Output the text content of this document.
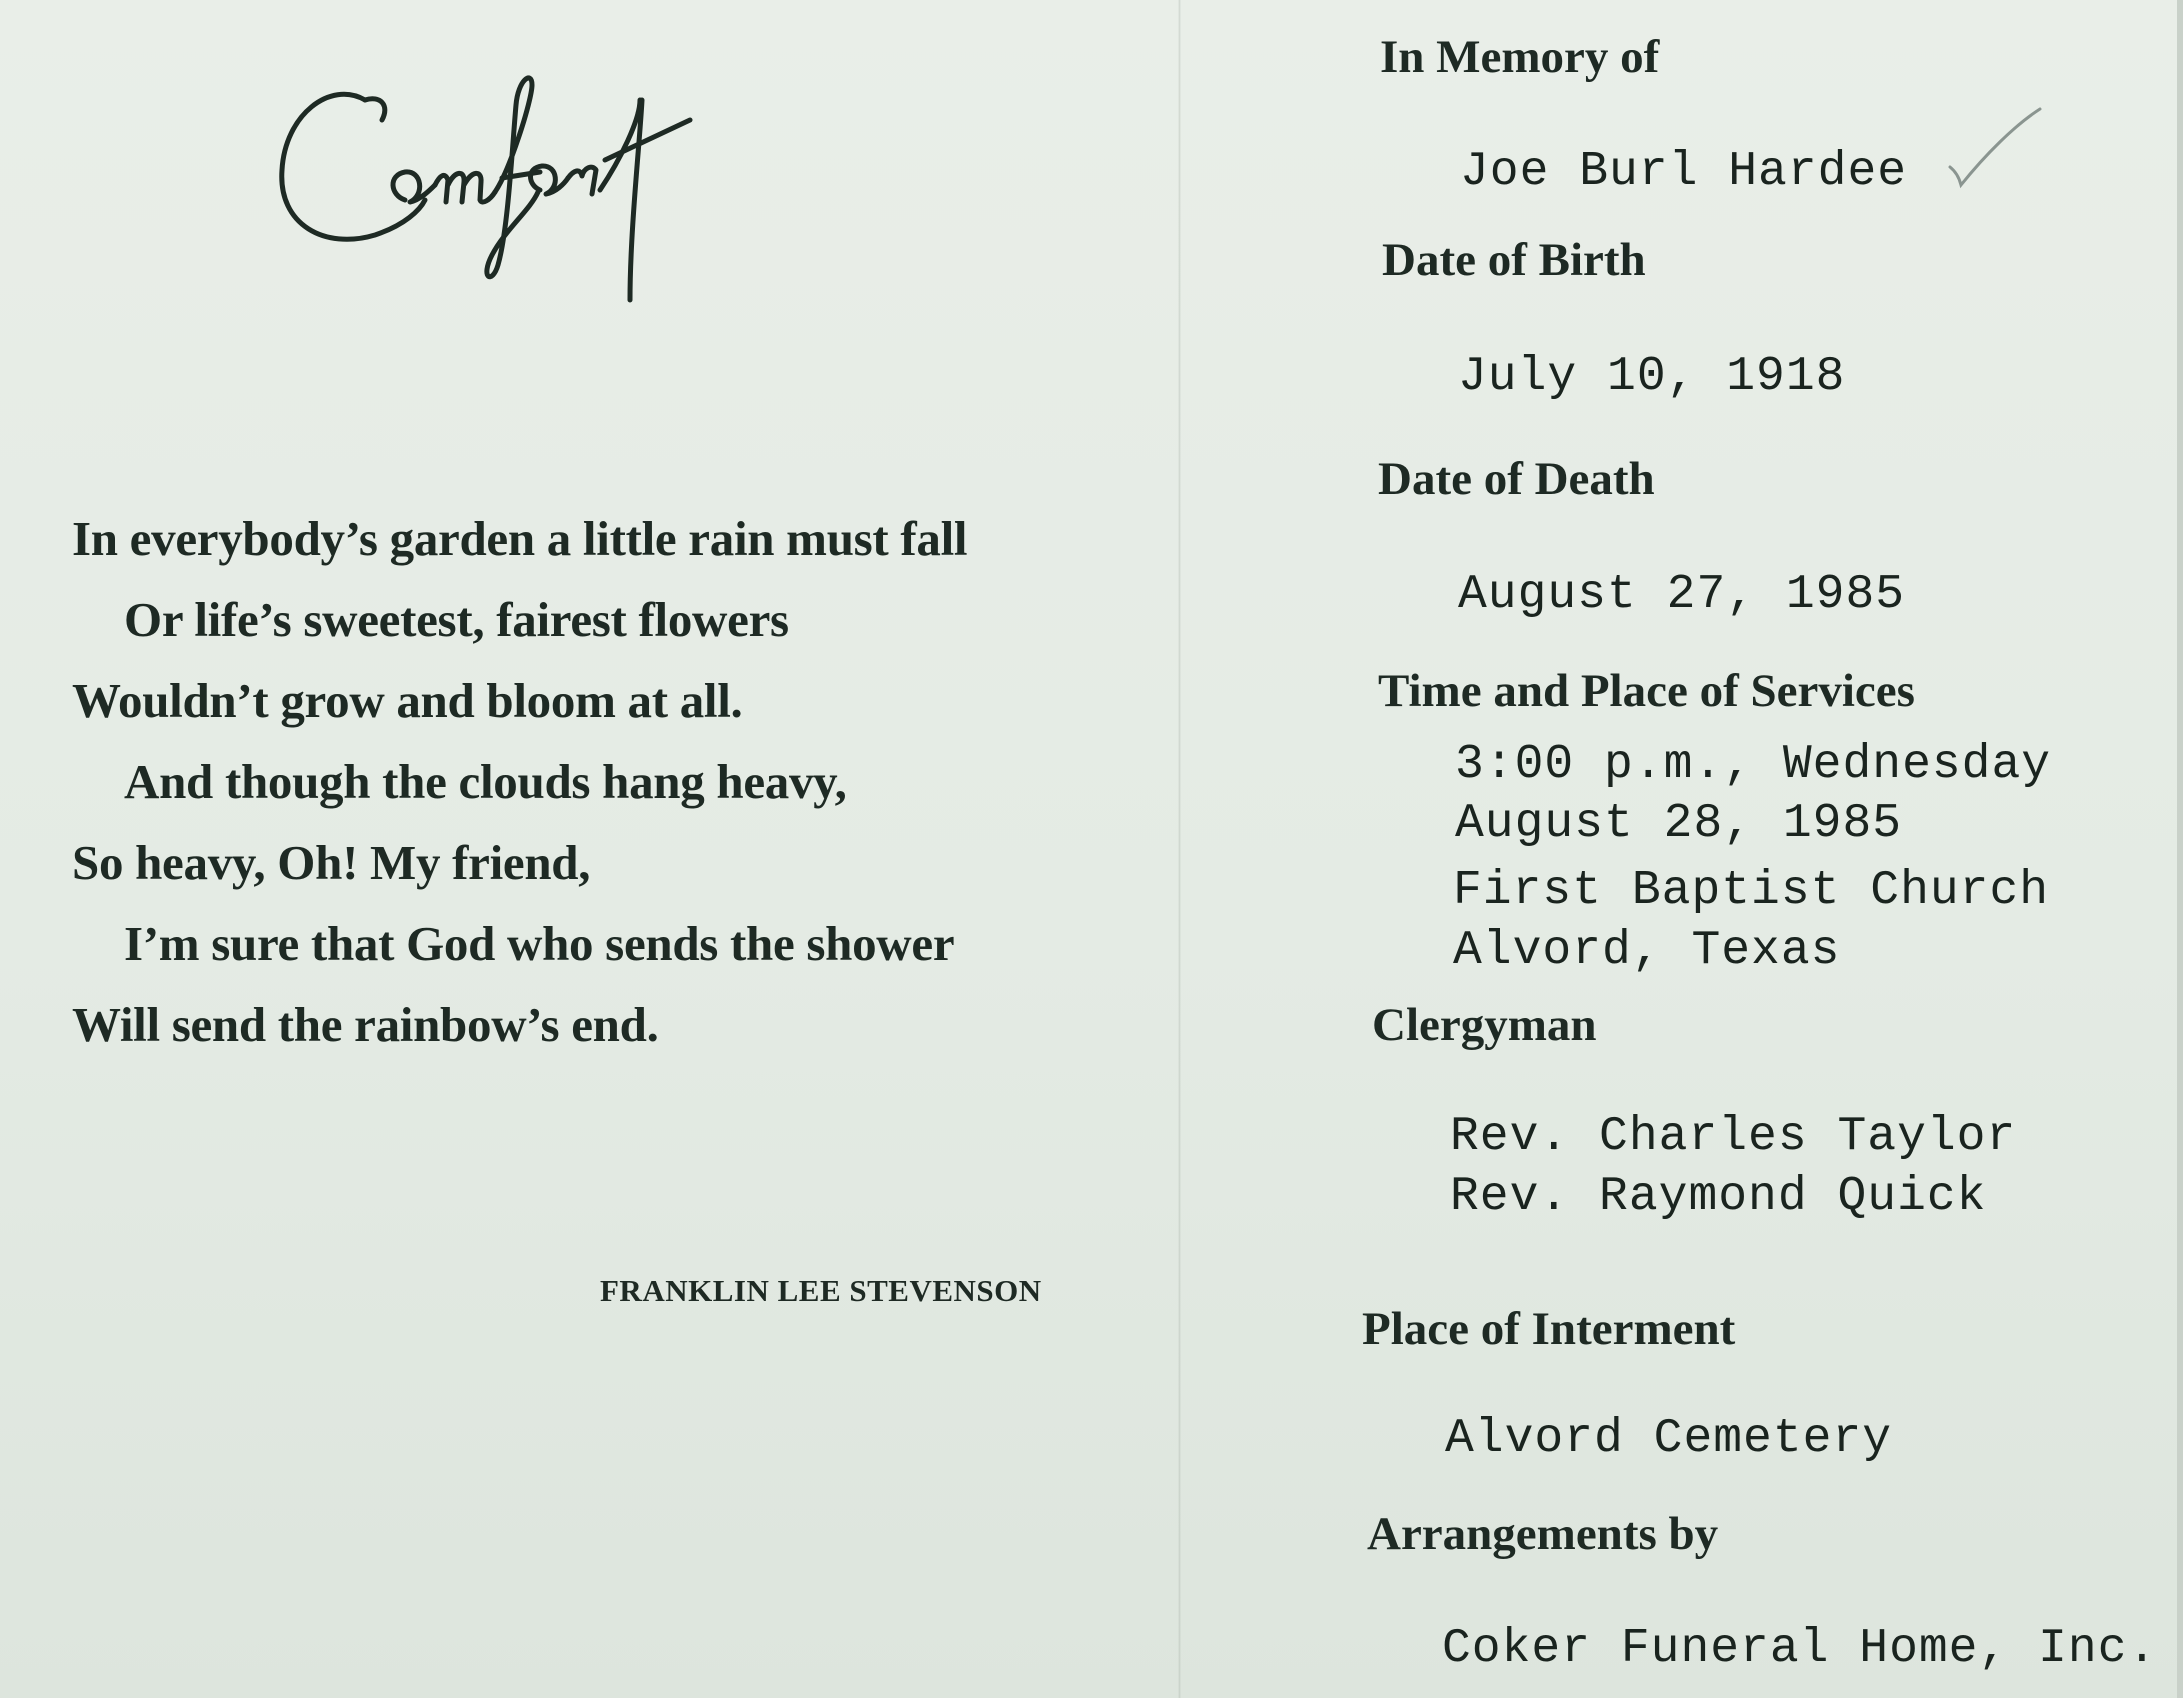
In everybody’s garden a little rain must fall
Or life’s sweetest, fairest flowers
Wouldn’t grow and bloom at all.
And though the clouds hang heavy,
So heavy, Oh! My friend,
I’m sure that God who sends the shower
Will send the rainbow’s end.
FRANKLIN LEE STEVENSON
In Memory of
Joe Burl Hardee
Date of Birth
July 10, 1918
Date of Death
August 27, 1985
Time and Place of Services
3:00 p.m., Wednesday
August 28, 1985
First Baptist Church
Alvord, Texas
Clergyman
Rev. Charles Taylor
Rev. Raymond Quick
Place of Interment
Alvord Cemetery
Arrangements by
Coker Funeral Home, Inc.
